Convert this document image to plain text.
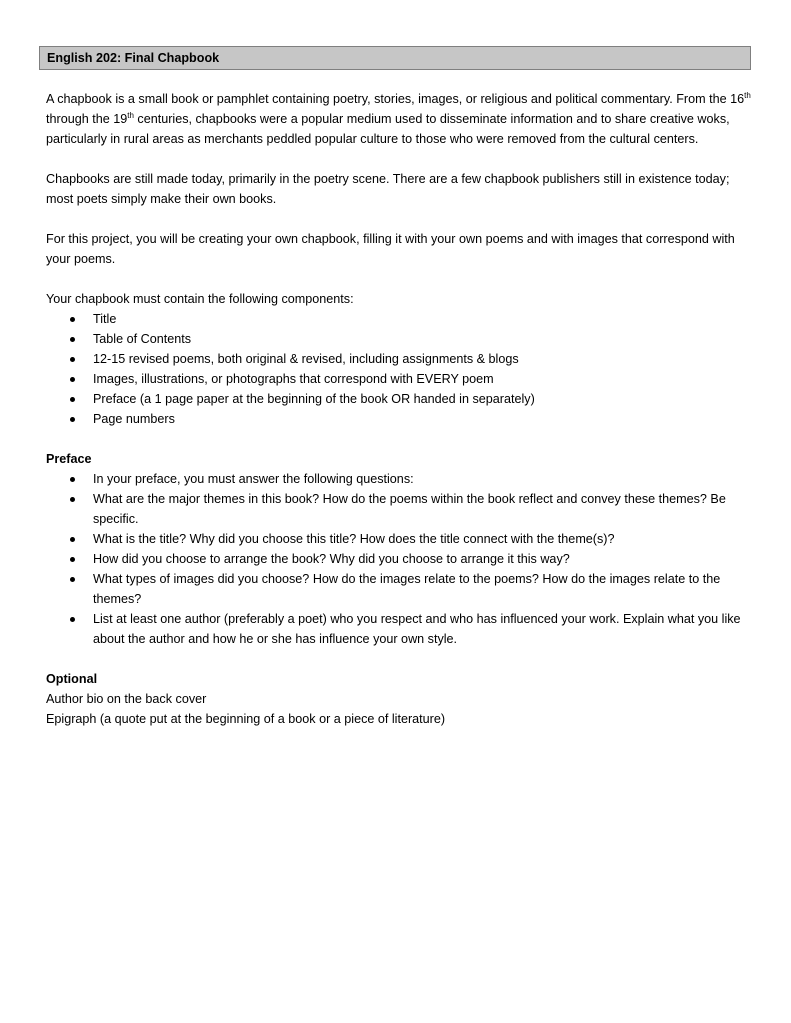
English 202: Final Chapbook

A chapbook is a small book or pamphlet containing poetry, stories, images, or religious and political commentary. From the 16th through the 19th centuries, chapbooks were a popular medium used to disseminate information and to share creative woks, particularly in rural areas as merchants peddled popular culture to those who were removed from the cultural centers.

Chapbooks are still made today, primarily in the poetry scene. There are a few chapbook publishers still in existence today; most poets simply make their own books.

For this project, you will be creating your own chapbook, filling it with your own poems and with images that correspond with your poems.

Your chapbook must contain the following components:

Title
Table of Contents
12-15 revised poems, both original & revised, including assignments & blogs
Images, illustrations, or photographs that correspond with EVERY poem
Preface (a 1 page paper at the beginning of the book OR handed in separately)
Page numbers

Preface

In your preface, you must answer the following questions:
What are the major themes in this book? How do the poems within the book reflect and convey these themes? Be specific.
What is the title? Why did you choose this title? How does the title connect with the theme(s)?
How did you choose to arrange the book? Why did you choose to arrange it this way?
What types of images did you choose? How do the images relate to the poems? How do the images relate to the themes?
List at least one author (preferably a poet) who you respect and who has influenced your work. Explain what you like about the author and how he or she has influence your own style.

Optional

Author bio on the back cover

Epigraph (a quote put at the beginning of a book or a piece of literature)
